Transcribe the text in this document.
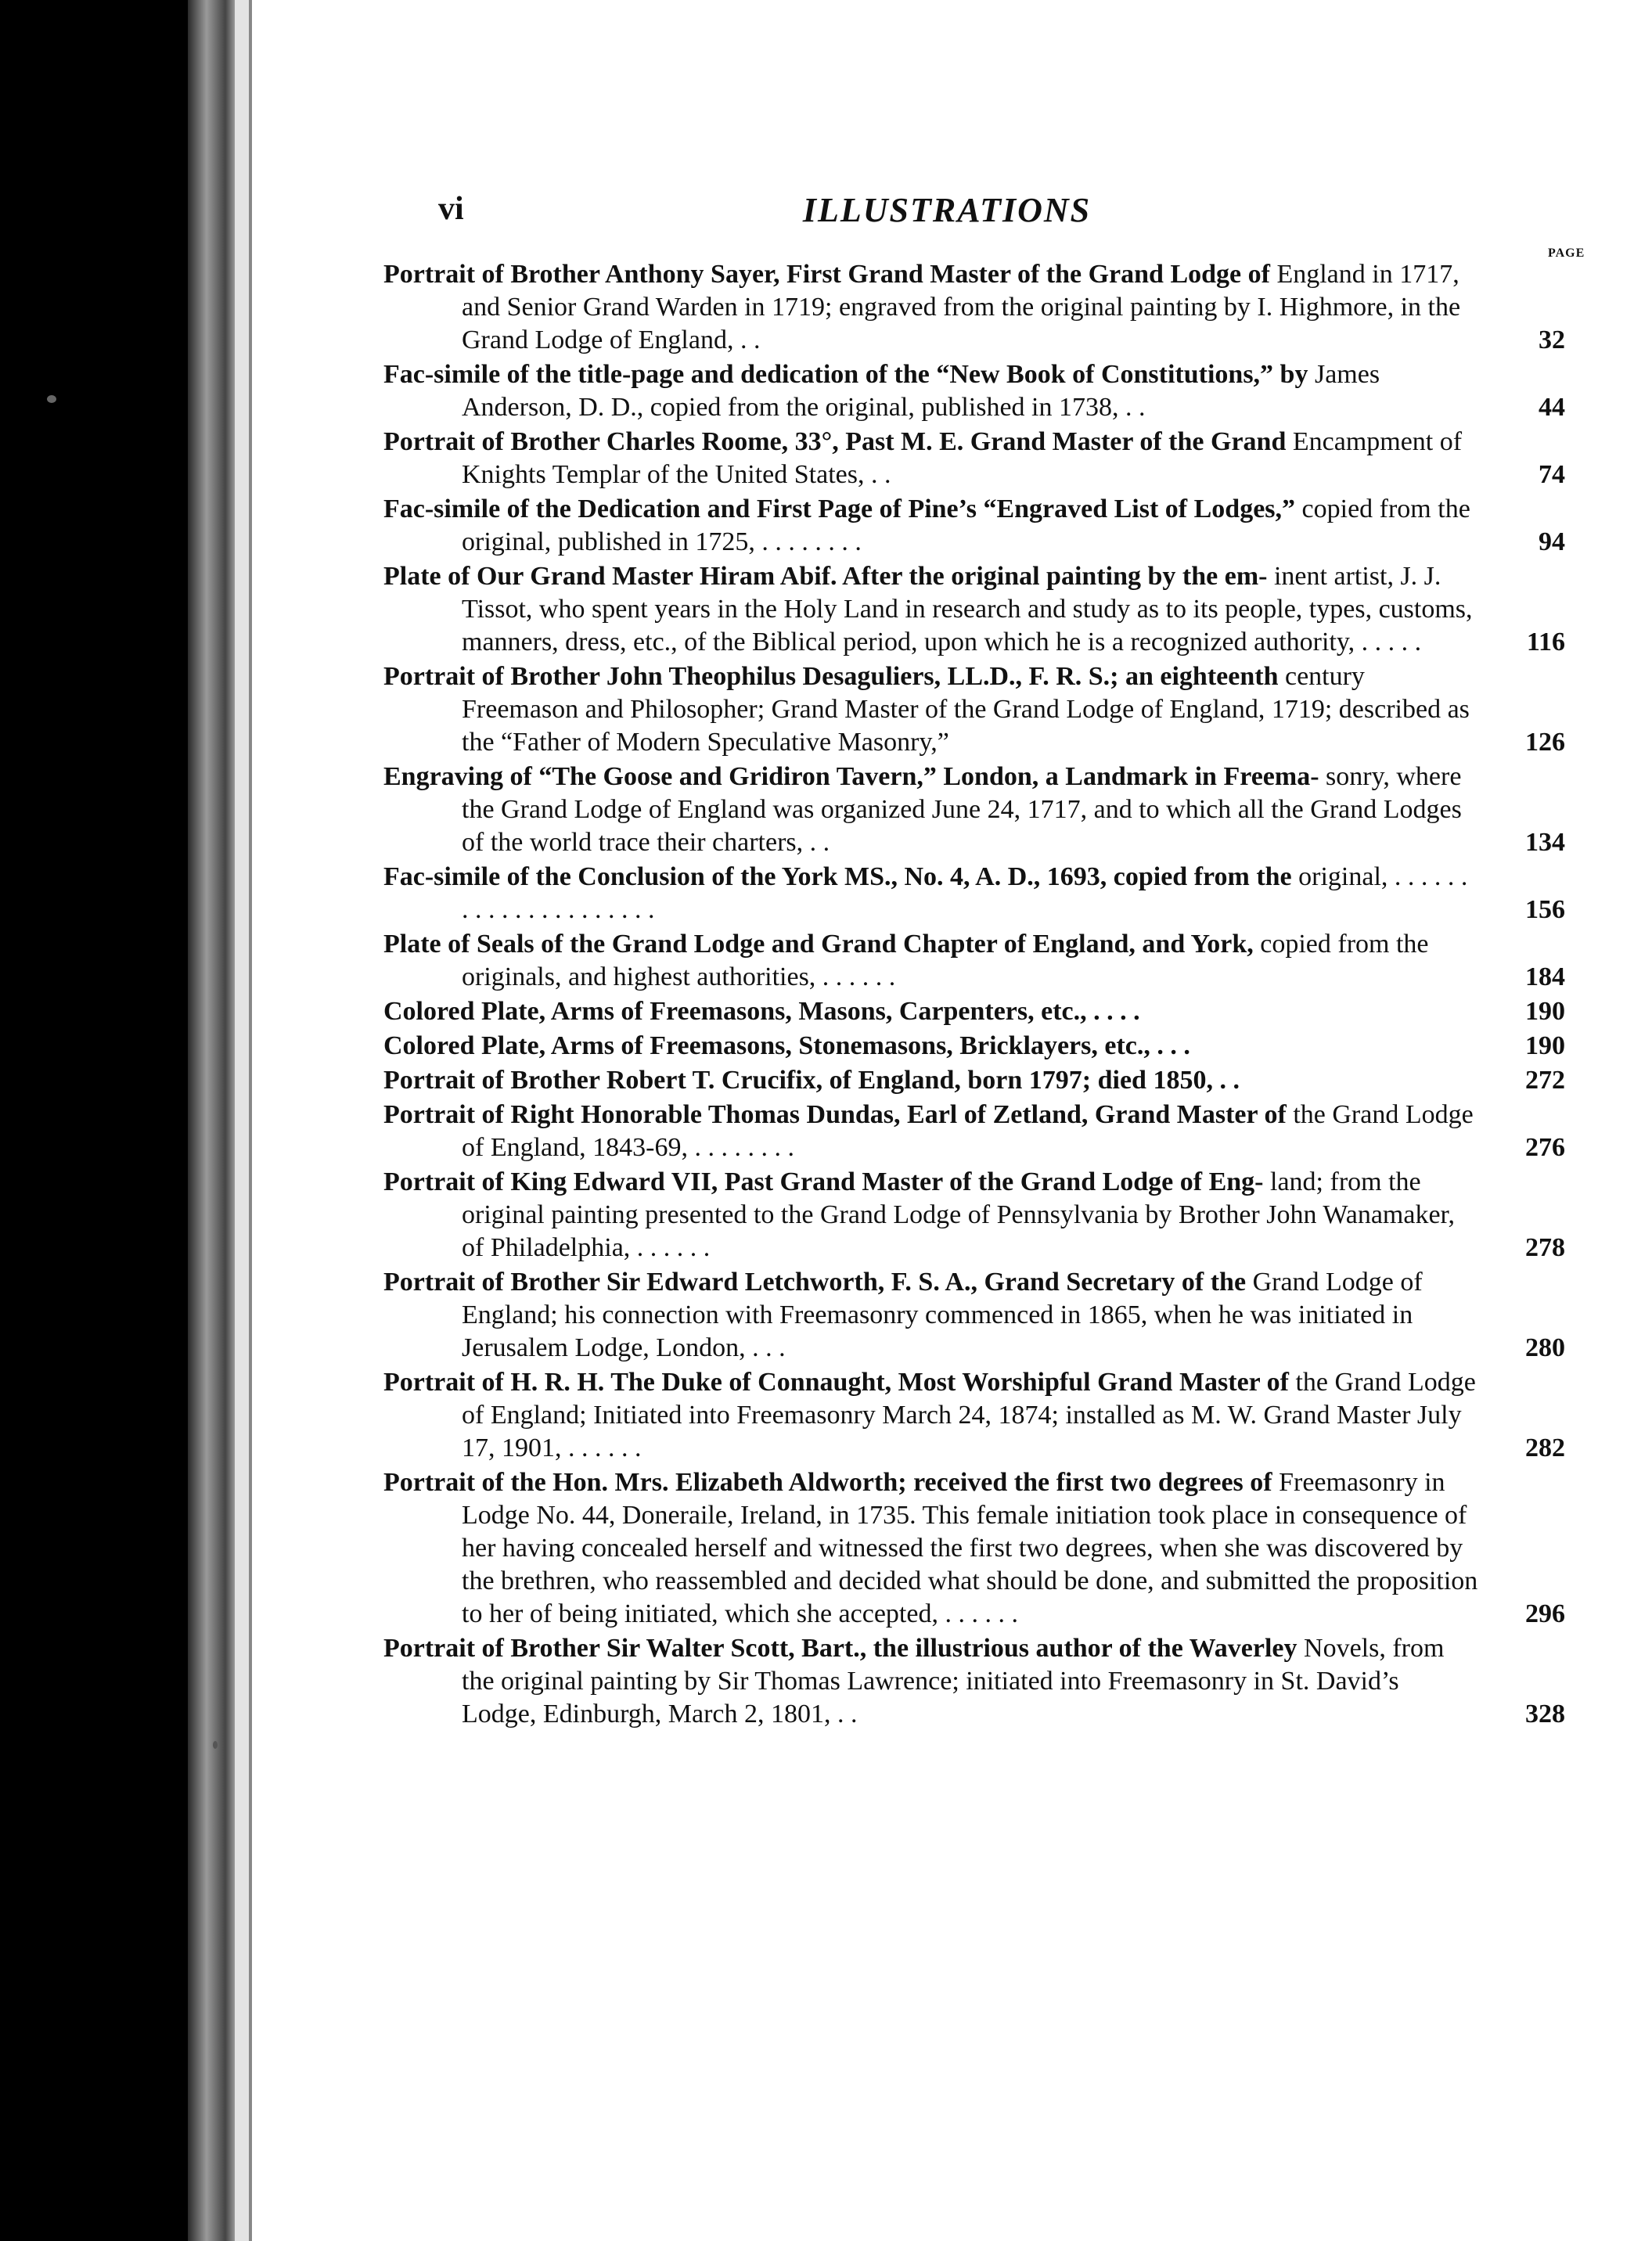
vi	ILLUSTRATIONS
PAGE
Portrait of Brother Anthony Sayer, First Grand Master of the Grand Lodge of England in 1717, and Senior Grand Warden in 1719; engraved from the original painting by I. Highmore, in the Grand Lodge of England, . .	32
Fac-simile of the title-page and dedication of the “New Book of Constitutions,” by James Anderson, D. D., copied from the original, published in 1738, . .	44
Portrait of Brother Charles Roome, 33°, Past M. E. Grand Master of the Grand Encampment of Knights Templar of the United States, . .	74
Fac-simile of the Dedication and First Page of Pine’s “Engraved List of Lodges,” copied from the original, published in 1725, . . . . . . . .	94
Plate of Our Grand Master Hiram Abif. After the original painting by the em- inent artist, J. J. Tissot, who spent years in the Holy Land in research and study as to its people, types, customs, manners, dress, etc., of the Biblical period, upon which he is a recognized authority, . . . . .	116
Portrait of Brother John Theophilus Desaguliers, LL.D., F. R. S.; an eighteenth century Freemason and Philosopher; Grand Master of the Grand Lodge of England, 1719; described as the “Father of Modern Speculative Masonry,”	126
Engraving of “The Goose and Gridiron Tavern,” London, a Landmark in Freema- sonry, where the Grand Lodge of England was organized June 24, 1717, and to which all the Grand Lodges of the world trace their charters, . .	134
Fac-simile of the Conclusion of the York MS., No. 4, A. D., 1693, copied from the original, . . . . . . . . . . . . . . . . . . . . .	156
Plate of Seals of the Grand Lodge and Grand Chapter of England, and York, copied from the originals, and highest authorities, . . . . . .	184
Colored Plate, Arms of Freemasons, Masons, Carpenters, etc., . . . .	190
Colored Plate, Arms of Freemasons, Stonemasons, Bricklayers, etc., . . .	190
Portrait of Brother Robert T. Crucifix, of England, born 1797; died 1850, . .	272
Portrait of Right Honorable Thomas Dundas, Earl of Zetland, Grand Master of the Grand Lodge of England, 1843-69, . . . . . . . .	276
Portrait of King Edward VII, Past Grand Master of the Grand Lodge of Eng- land; from the original painting presented to the Grand Lodge of Pennsylvania by Brother John Wanamaker, of Philadelphia, . . . . . .	278
Portrait of Brother Sir Edward Letchworth, F. S. A., Grand Secretary of the Grand Lodge of England; his connection with Freemasonry commenced in 1865, when he was initiated in Jerusalem Lodge, London, . . .	280
Portrait of H. R. H. The Duke of Connaught, Most Worshipful Grand Master of the Grand Lodge of England; Initiated into Freemasonry March 24, 1874; installed as M. W. Grand Master July 17, 1901, . . . . . .	282
Portrait of the Hon. Mrs. Elizabeth Aldworth; received the first two degrees of Freemasonry in Lodge No. 44, Doneraile, Ireland, in 1735. This female initiation took place in consequence of her having concealed herself and witnessed the first two degrees, when she was discovered by the brethren, who reassembled and decided what should be done, and submitted the proposition to her of being initiated, which she accepted, . . . . . .	296
Portrait of Brother Sir Walter Scott, Bart., the illustrious author of the Waverley Novels, from the original painting by Sir Thomas Lawrence; initiated into Freemasonry in St. David’s Lodge, Edinburgh, March 2, 1801, . .	328
